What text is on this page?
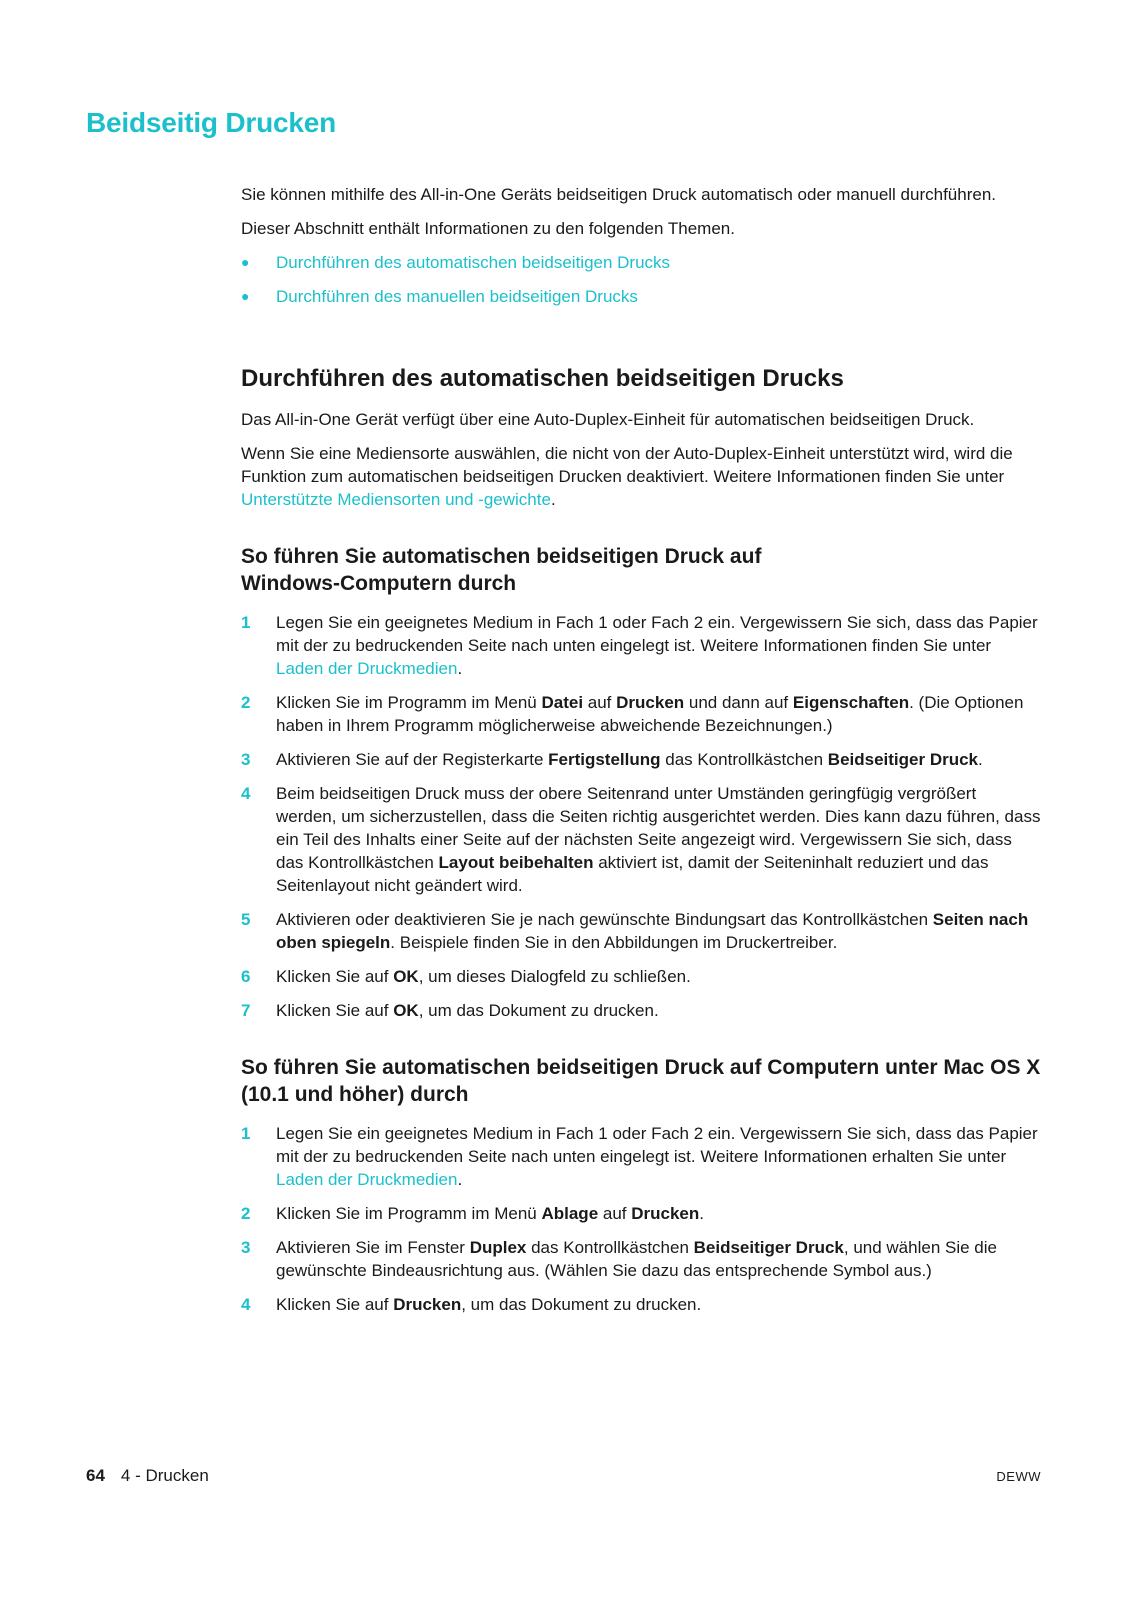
Beidseitig Drucken

Sie können mithilfe des All-in-One Geräts beidseitigen Druck automatisch oder manuell durchführen.

Dieser Abschnitt enthält Informationen zu den folgenden Themen.

● Durchführen des automatischen beidseitigen Drucks
● Durchführen des manuellen beidseitigen Drucks
Durchführen des automatischen beidseitigen Drucks

Das All-in-One Gerät verfügt über eine Auto-Duplex-Einheit für automatischen beidseitigen Druck.

Wenn Sie eine Mediensorte auswählen, die nicht von der Auto-Duplex-Einheit unterstützt wird, wird die Funktion zum automatischen beidseitigen Drucken deaktiviert. Weitere Informationen finden Sie unter Unterstützte Mediensorten und -gewichte.

So führen Sie automatischen beidseitigen Druck auf Windows-Computern durch
1 Legen Sie ein geeignetes Medium in Fach 1 oder Fach 2 ein. Vergewissern Sie sich, dass das Papier mit der zu bedruckenden Seite nach unten eingelegt ist. Weitere Informationen finden Sie unter Laden der Druckmedien.
2 Klicken Sie im Programm im Menü Datei auf Drucken und dann auf Eigenschaften. (Die Optionen haben in Ihrem Programm möglicherweise abweichende Bezeichnungen.)
3 Aktivieren Sie auf der Registerkarte Fertigstellung das Kontrollkästchen Beidseitiger Druck.
4 Beim beidseitigen Druck muss der obere Seitenrand unter Umständen geringfügig vergrößert werden, um sicherzustellen, dass die Seiten richtig ausgerichtet werden. Dies kann dazu führen, dass ein Teil des Inhalts einer Seite auf der nächsten Seite angezeigt wird. Vergewissern Sie sich, dass das Kontrollkästchen Layout beibehalten aktiviert ist, damit der Seiteninhalt reduziert und das Seitenlayout nicht geändert wird.
5 Aktivieren oder deaktivieren Sie je nach gewünschte Bindungsart das Kontrollkästchen Seiten nach oben spiegeln. Beispiele finden Sie in den Abbildungen im Druckertreiber.
6 Klicken Sie auf OK, um dieses Dialogfeld zu schließen.
7 Klicken Sie auf OK, um das Dokument zu drucken.
So führen Sie automatischen beidseitigen Druck auf Computern unter Mac OS X (10.1 und höher) durch
1 Legen Sie ein geeignetes Medium in Fach 1 oder Fach 2 ein. Vergewissern Sie sich, dass das Papier mit der zu bedruckenden Seite nach unten eingelegt ist. Weitere Informationen erhalten Sie unter Laden der Druckmedien.
2 Klicken Sie im Programm im Menü Ablage auf Drucken.
3 Aktivieren Sie im Fenster Duplex das Kontrollkästchen Beidseitiger Druck, und wählen Sie die gewünschte Bindeausrichtung aus. (Wählen Sie dazu das entsprechende Symbol aus.)
4 Klicken Sie auf Drucken, um das Dokument zu drucken.
64 4 - Drucken	DEWW
